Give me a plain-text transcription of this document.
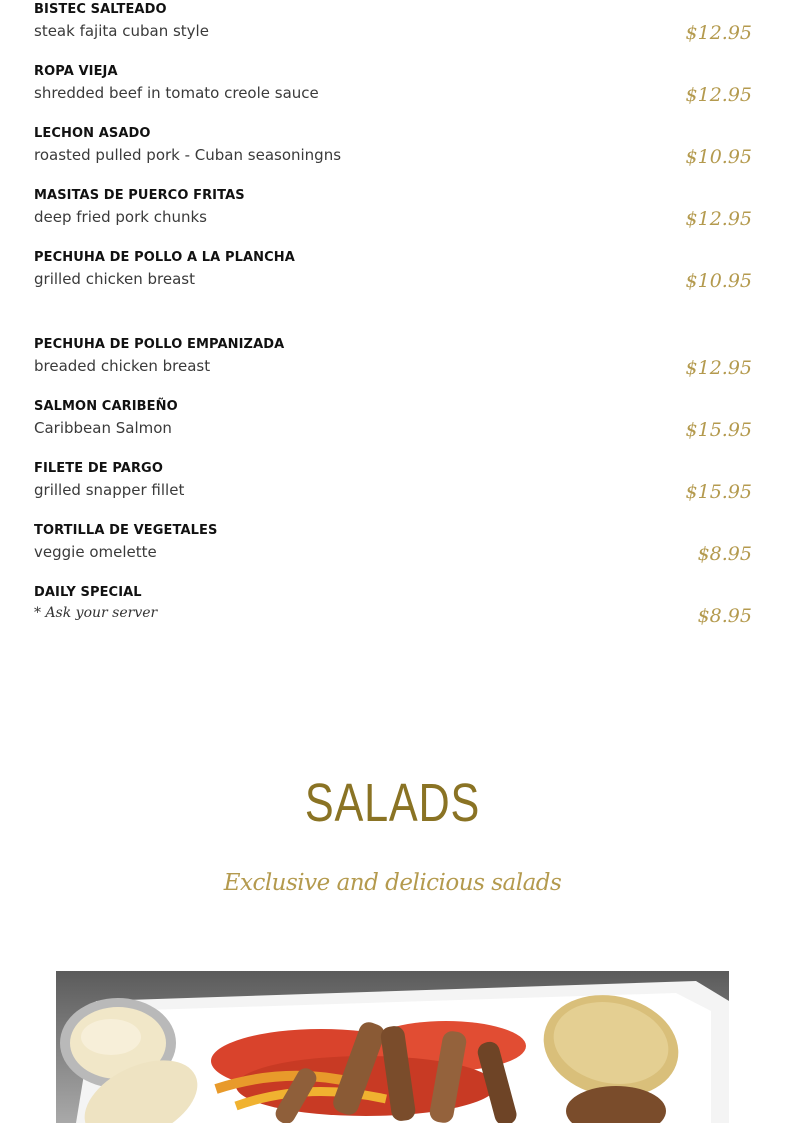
BISTEC SALTEADO
steak fajita cuban style	$12.95
ROPA VIEJA
shredded beef in tomato creole sauce	$12.95
LECHON ASADO
roasted pulled pork - Cuban seasoningns	$10.95
MASITAS DE PUERCO FRITAS
deep fried pork chunks	$12.95
PECHUHA DE POLLO A LA PLANCHA
grilled chicken breast	$10.95
PECHUHA DE POLLO EMPANIZADA
breaded chicken breast	$12.95
SALMON CARIBEÑO
Caribbean Salmon	$15.95
FILETE DE PARGO
grilled snapper fillet	$15.95
TORTILLA DE VEGETALES
veggie omelette	$8.95
DAILY SPECIAL
* Ask your server	$8.95
SALADS
Exclusive and delicious salads
